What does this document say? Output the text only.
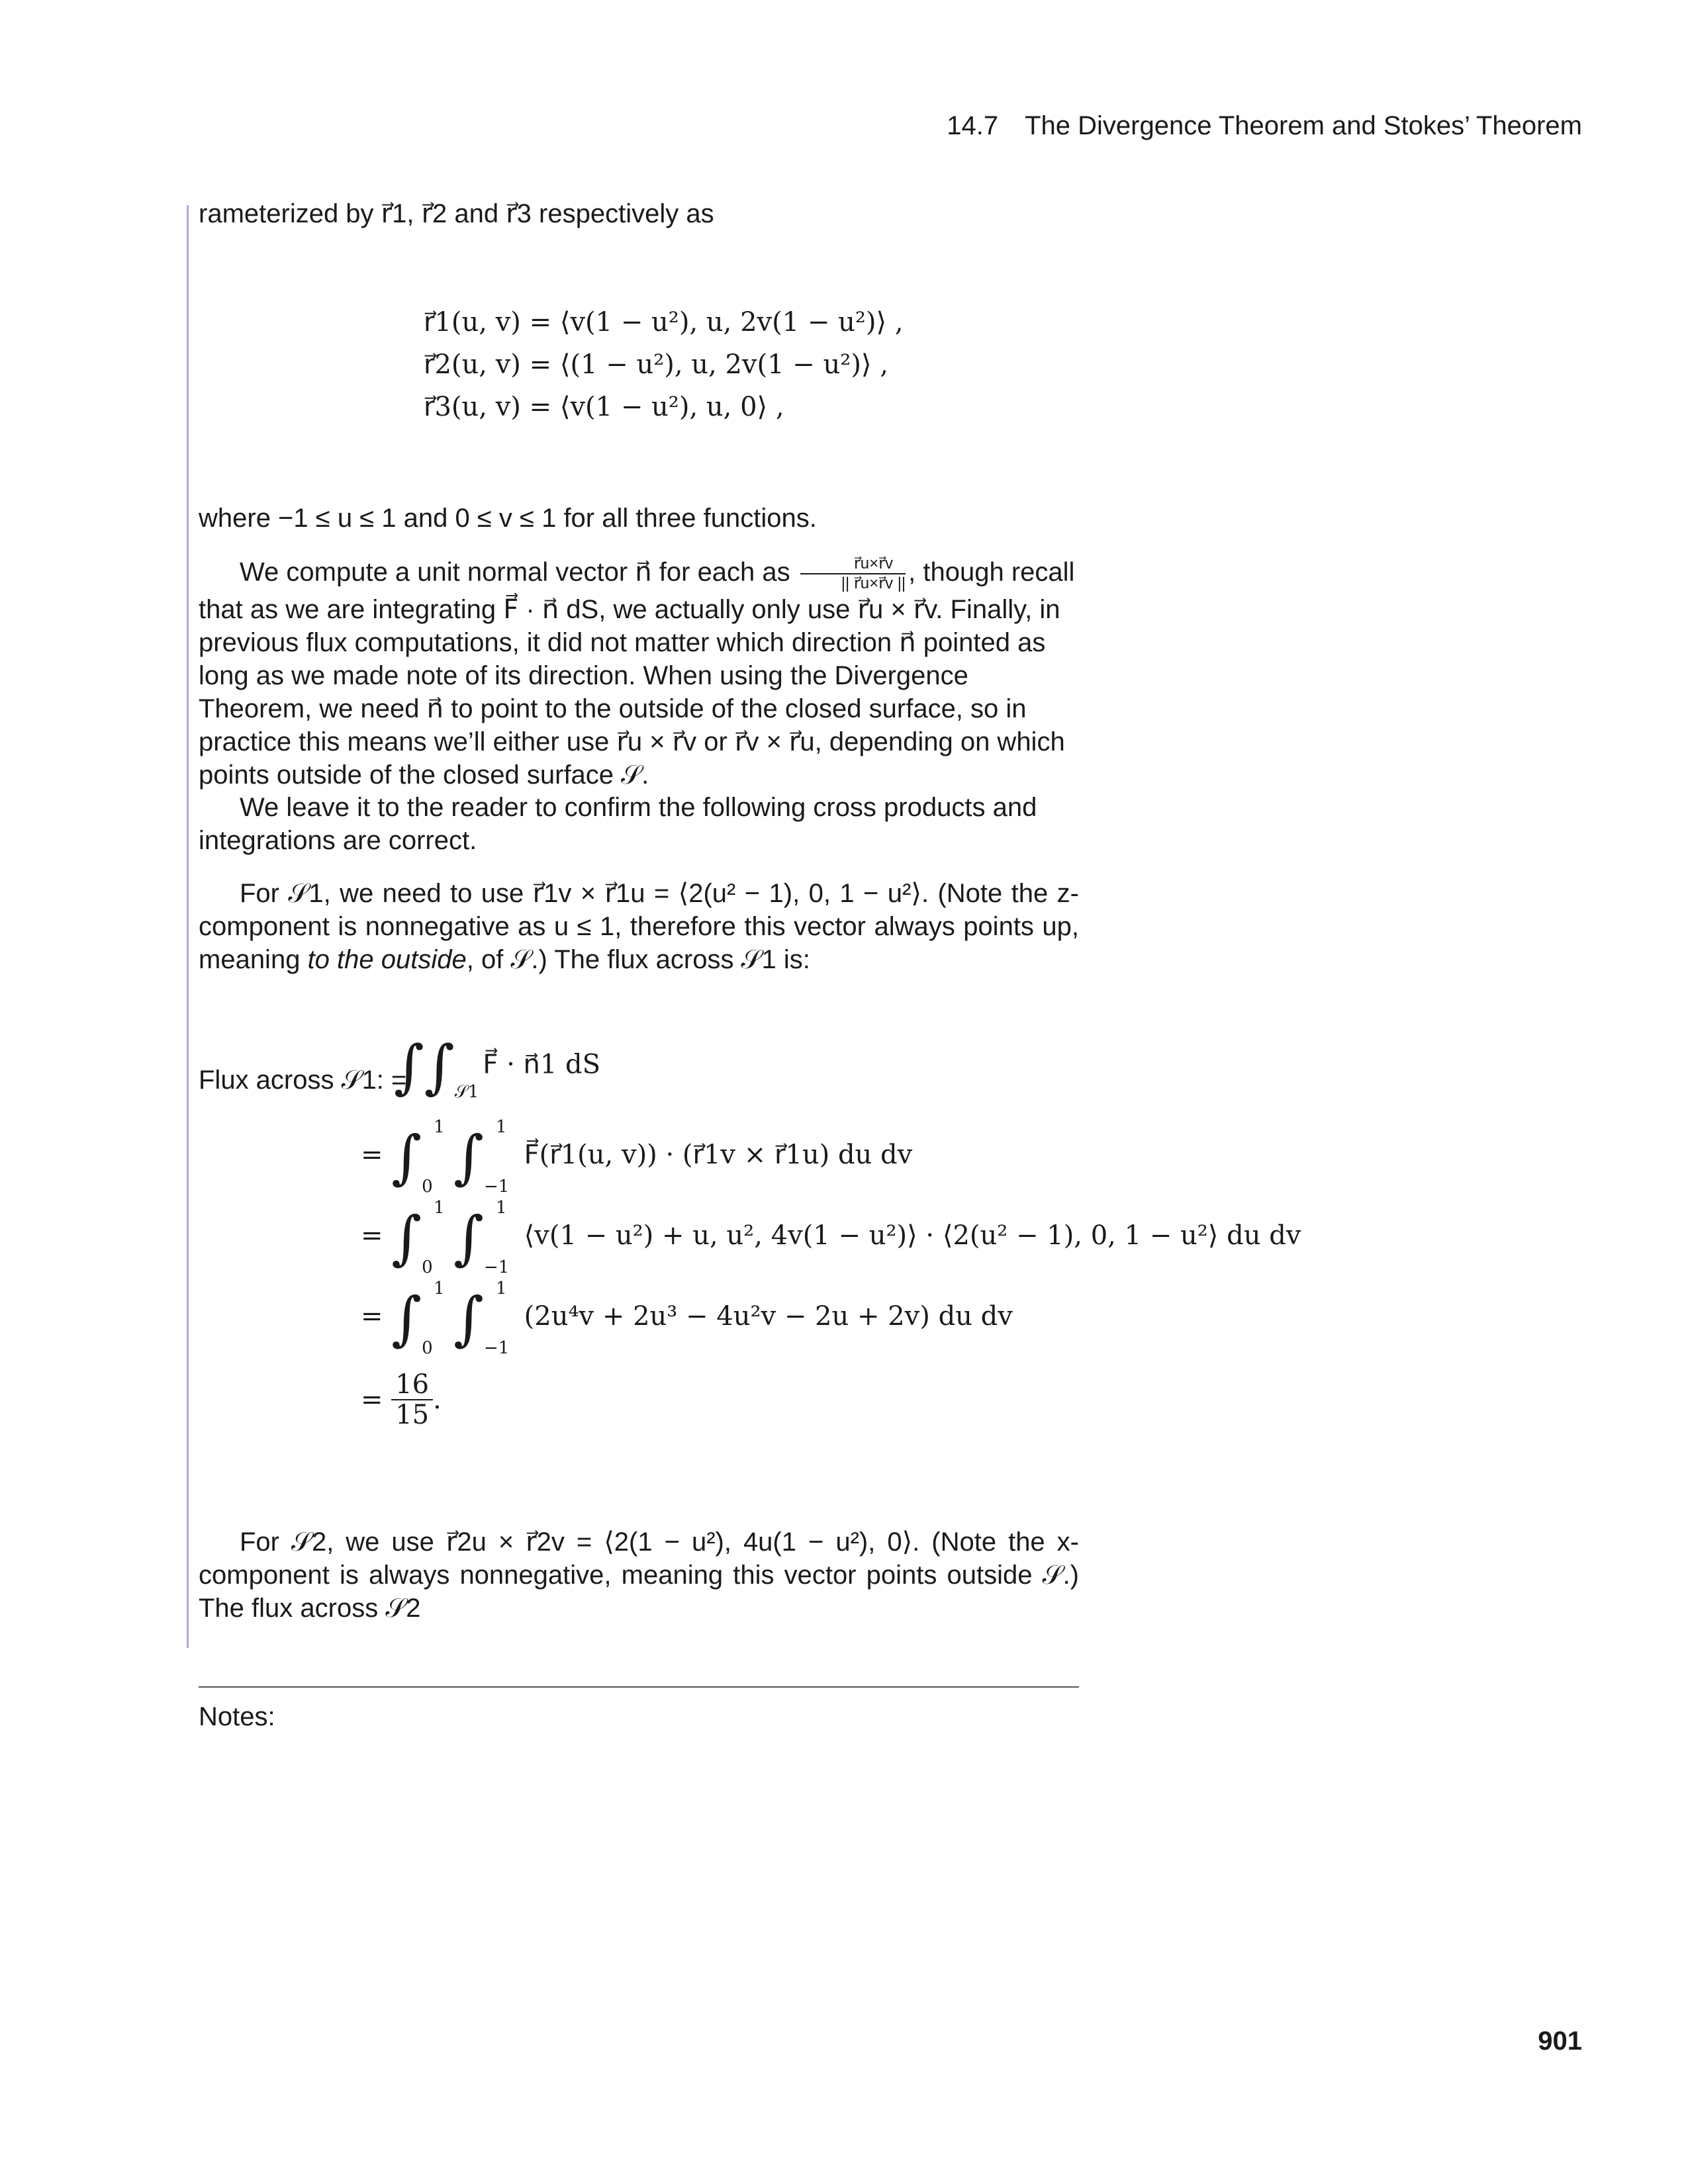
14.7 The Divergence Theorem and Stokes’ Theorem
rameterized by r⃗1, r⃗2 and r⃗3 respectively as
r⃗1(u, v) = ⟨v(1 − u²), u, 2v(1 − u²)⟩ ,
r⃗2(u, v) = ⟨(1 − u²), u, 2v(1 − u²)⟩ ,
r⃗3(u, v) = ⟨v(1 − u²), u, 0⟩ ,
where −1 ≤ u ≤ 1 and 0 ≤ v ≤ 1 for all three functions.
We compute a unit normal vector n⃗ for each as $\frac{r⃗u\times r⃗v}{|| r⃗u\times r⃗v ||}$ , though recall that as we are integrating F⃗ · n⃗ dS, we actually only use r⃗u × r⃗v. Finally, in previous flux computations, it did not matter which direction n⃗ pointed as long as we made note of its direction. When using the Divergence Theorem, we need n⃗ to point to the outside of the closed surface, so in practice this means we’ll either use r⃗u × r⃗v or r⃗v × r⃗u, depending on which points outside of the closed surface 𝒮.
We leave it to the reader to confirm the following cross products and integrations are correct.
For 𝒮1, we need to use r⃗1v × r⃗1u = ⟨2(u² − 1), 0, 1 − u²⟩. (Note the z-component is nonnegative as u ≤ 1, therefore this vector always points up, meaning to the outside, of 𝒮.) The flux across 𝒮1 is:
Flux across 𝒮1: =
$\int\int_{𝒮1}F⃗$ · n⃗1 dS
= ∫ 1
0 ∫ 1
−1
F⃗(r⃗1(u, v)) · (r⃗1v × r⃗1u) du dv
= ∫ 1
0 ∫ 1
−1
⟨v(1 − u²) + u, u², 4v(1 − u²)⟩ · ⟨2(u² − 1), 0, 1 − u²⟩ du dv
= ∫ 1
0 ∫ 1
−1
(2u⁴v + 2u³ − 4u²v − 2u + 2v) du dv
= $\frac{16}{15}$ .
For 𝒮2, we use r⃗2u × r⃗2v = ⟨2(1 − u²), 4u(1 − u²), 0⟩. (Note the x-component is always nonnegative, meaning this vector points outside 𝒮.) The flux across 𝒮2
Notes:
901
